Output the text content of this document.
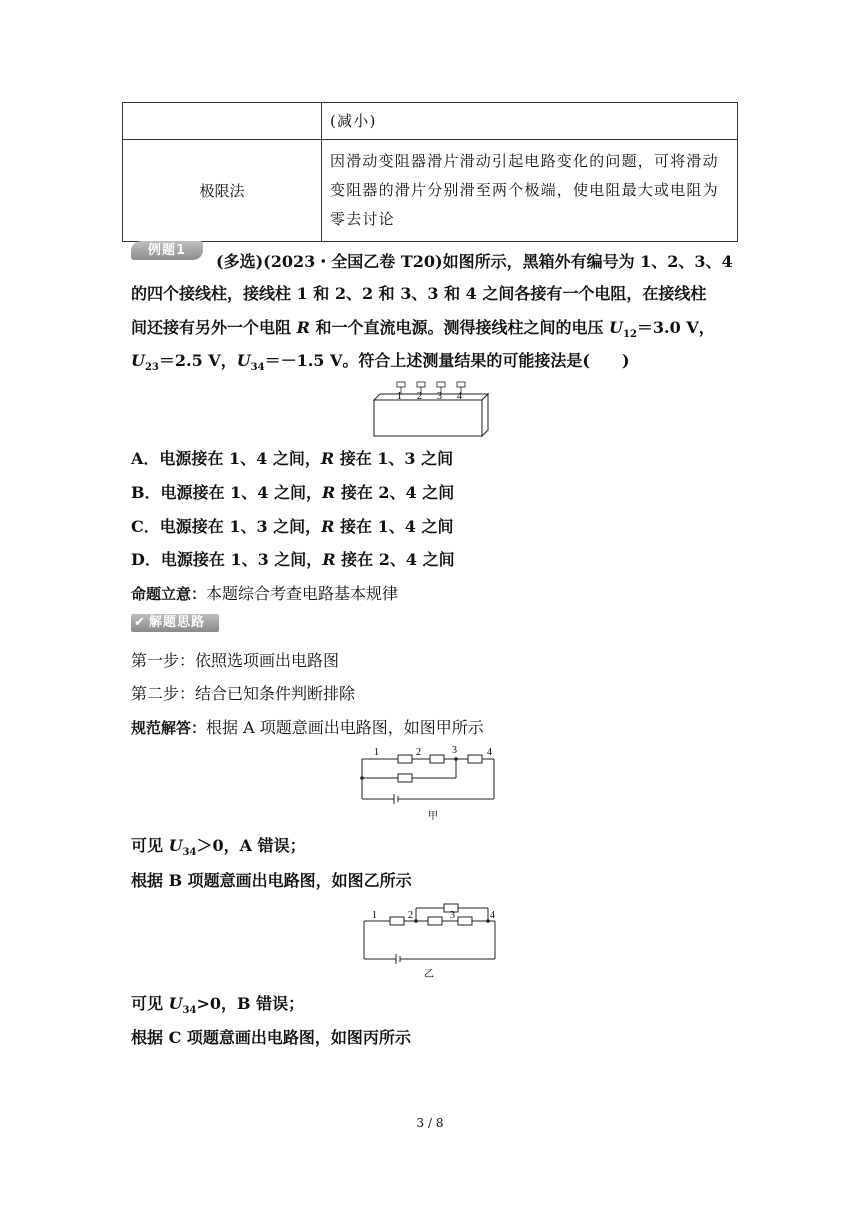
	(减小)
极限法	因滑动变阻器滑片滑动引起电路变化的问题，可将滑动变阻器的滑片分别滑至两个极端，使电阻最大或电阻为零去讨论
例题1
(多选)(2023・全国乙卷 T20)如图所示，黑箱外有编号为 1、2、3、4
的四个接线柱，接线柱 1 和 2、2 和 3、3 和 4 之间各接有一个电阻，在接线柱
间还接有另外一个电阻 R 和一个直流电源。测得接线柱之间的电压 $U_{12}=3.0$ V，
$U_{23}=2.5$ V，$U_{34}=-1.5$ V。符合上述测量结果的可能接法是(　　)
1 2 3 4
A．电源接在 1、4 之间，R 接在 1、3 之间
B．电源接在 1、4 之间，R 接在 2、4 之间
C．电源接在 1、3 之间，R 接在 1、4 之间
D．电源接在 1、3 之间，R 接在 2、4 之间
命题立意：本题综合考查电路基本规律
✔ 解题思路
第一步：依照选项画出电路图
第二步：结合已知条件判断排除
规范解答：根据 A 项题意画出电路图，如图甲所示
1	2	3	4
甲
可见 $U_{34}>0$，A 错误；
根据 B 项题意画出电路图，如图乙所示
1	2	3	4
乙
可见 $U_{34}>0$，B 错误；
根据 C 项题意画出电路图，如图丙所示
3 / 8
